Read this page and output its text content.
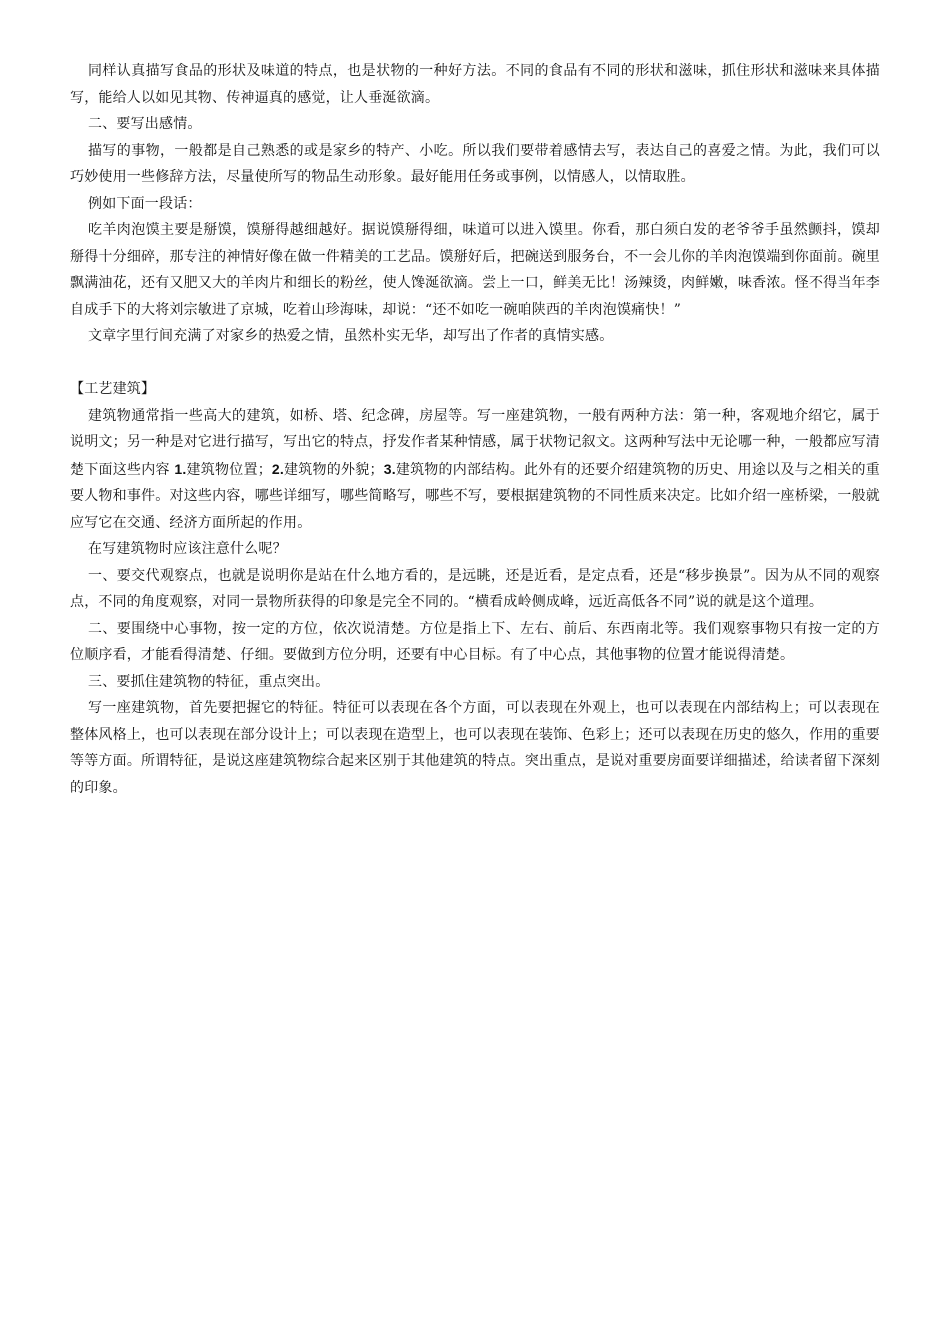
同样认真描写食品的形状及味道的特点，也是状物的一种好方法。不同的食品有不同的形状和滋味，抓住形状和滋味来具体描写，能给人以如见其物、传神逼真的感觉，让人垂涎欲滴。

二、要写出感情。

描写的事物，一般都是自己熟悉的或是家乡的特产、小吃。所以我们要带着感情去写，表达自己的喜爱之情。为此，我们可以巧妙使用一些修辞方法，尽量使所写的物品生动形象。最好能用任务或事例，以情感人，以情取胜。

例如下面一段话：

吃羊肉泡馍主要是掰馍，馍掰得越细越好。据说馍掰得细，味道可以进入馍里。你看，那白须白发的老爷爷手虽然颤抖，馍却掰得十分细碎，那专注的神情好像在做一件精美的工艺品。馍掰好后，把碗送到服务台，不一会儿你的羊肉泡馍端到你面前。碗里飘满油花，还有又肥又大的羊肉片和细长的粉丝，使人馋涎欲滴。尝上一口，鲜美无比！汤辣烫，肉鲜嫩，味香浓。怪不得当年李自成手下的大将刘宗敏进了京城，吃着山珍海味，却说：“还不如吃一碗咱陕西的羊肉泡馍痛快！”

文章字里行间充满了对家乡的热爱之情，虽然朴实无华，却写出了作者的真情实感。

【工艺建筑】

建筑物通常指一些高大的建筑，如桥、塔、纪念碑，房屋等。写一座建筑物，一般有两种方法：第一种，客观地介绍它，属于说明文；另一种是对它进行描写，写出它的特点，抒发作者某种情感，属于状物记叙文。这两种写法中无论哪一种，一般都应写清楚下面这些内容 1.建筑物位置；2.建筑物的外貌；3.建筑物的内部结构。此外有的还要介绍建筑物的历史、用途以及与之相关的重要人物和事件。对这些内容，哪些详细写，哪些简略写，哪些不写，要根据建筑物的不同性质来决定。比如介绍一座桥梁，一般就应写它在交通、经济方面所起的作用。

在写建筑物时应该注意什么呢？

一、要交代观察点，也就是说明你是站在什么地方看的，是远眺，还是近看，是定点看，还是“移步换景”。因为从不同的观察点，不同的角度观察，对同一景物所获得的印象是完全不同的。“横看成岭侧成峰，远近高低各不同”说的就是这个道理。

二、要围绕中心事物，按一定的方位，依次说清楚。方位是指上下、左右、前后、东西南北等。我们观察事物只有按一定的方位顺序看，才能看得清楚、仔细。要做到方位分明，还要有中心目标。有了中心点，其他事物的位置才能说得清楚。

三、要抓住建筑物的特征，重点突出。

写一座建筑物，首先要把握它的特征。特征可以表现在各个方面，可以表现在外观上，也可以表现在内部结构上；可以表现在整体风格上，也可以表现在部分设计上；可以表现在造型上，也可以表现在装饰、色彩上；还可以表现在历史的悠久，作用的重要等等方面。所谓特征，是说这座建筑物综合起来区别于其他建筑的特点。突出重点，是说对重要房面要详细描述，给读者留下深刻的印象。
